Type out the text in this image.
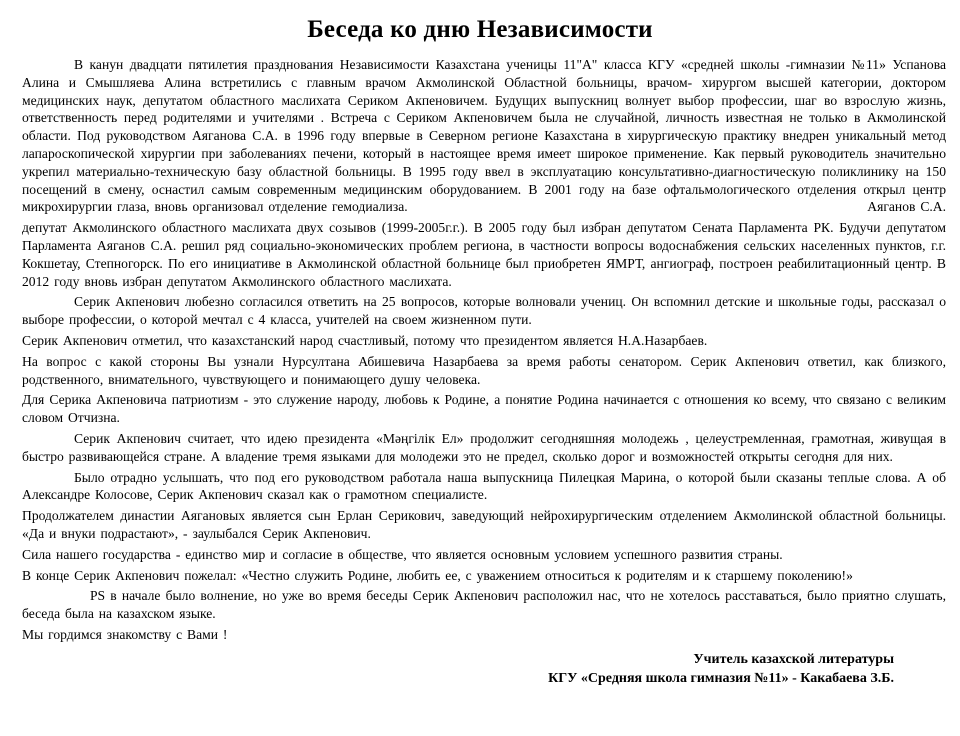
Беседа ко дню Независимости

В канун двадцати пятилетия празднования Независимости Казахстана ученицы 11"А" класса КГУ «средней школы -гимназии №11» Успанова Алина и Смышляева Алина встретились с главным врачом Акмолинской Областной больницы, врачом- хирургом высшей категории, доктором медицинских наук, депутатом областного маслихата Сериком Акпеновичем. Будущих выпускниц волнует выбор профессии, шаг во взрослую жизнь, ответственность перед родителями и учителями . Встреча с Сериком Акпеновичем была не случайной, личность известная не только в Акмолинской области. Под руководством Аяганова С.А. в 1996 году впервые в Северном регионе Казахстана в хирургическую практику внедрен уникальный метод лапароскопической хирургии при заболеваниях печени, который в настоящее время имеет широкое применение. Как первый руководитель значительно укрепил материально-техническую базу областной больницы. В 1995 году ввел в эксплуатацию консультативно-диагностическую поликлинику на 150 посещений в смену, оснастил самым современным медицинским оборудованием. В 2001 году на базе офтальмологического отделения открыл центр микрохирургии глаза, вновь организовал отделение гемодиализа.	Аяганов С.А.

депутат Акмолинского областного маслихата двух созывов (1999-2005г.г.). В 2005 году был избран депутатом Сената Парламента РК. Будучи депутатом Парламента Аяганов С.А. решил ряд социально-экономических проблем региона, в частности вопросы водоснабжения сельских населенных пунктов, г.г. Кокшетау, Степногорск. По его инициативе в Акмолинской областной больнице был приобретен ЯМРТ, ангиограф, построен реабилитационный центр. В 2012 году вновь избран депутатом Акмолинского областного маслихата.

Серик Акпенович любезно согласился ответить на 25 вопросов, которые волновали учениц. Он вспомнил детские и школьные годы, рассказал о выборе профессии, о которой мечтал с 4 класса, учителей на своем жизненном пути.

Серик Акпенович отметил, что казахстанский народ счастливый, потому что президентом является Н.А.Назарбаев.

На вопрос с какой стороны Вы узнали Нурсултана Абишевича Назарбаева за время работы сенатором. Серик Акпенович ответил, как близкого, родственного, внимательного, чувствующего и понимающего душу человека.

Для Серика Акпеновича патриотизм - это служение народу, любовь к Родине, а понятие Родина начинается с отношения ко всему, что связано с великим словом Отчизна.

Серик Акпенович считает, что идею президента «Мәңгілік Ел» продолжит сегодняшняя молодежь , целеустремленная, грамотная, живущая в быстро развивающейся стране. А владение тремя языками для молодежи это не предел, сколько дорог и возможностей открыты сегодня для них.

Было отрадно услышать, что под его руководством работала наша выпускница Пилецкая Марина, о которой были сказаны теплые слова. А об Александре Колосове, Серик Акпенович сказал как о грамотном специалисте.

Продолжателем династии Аягановых является сын Ерлан Серикович, заведующий нейрохирургическим отделением Акмолинской областной больницы. «Да и внуки подрастают», - заулыбался Серик Акпенович.

Сила нашего государства - единство мир и согласие в обществе, что является основным условием успешного развития страны.

В конце Серик Акпенович пожелал: «Честно служить Родине, любить ее, с уважением относиться к родителям и к старшему поколению!»

PS в начале было волнение, но уже во время беседы Серик Акпенович расположил нас, что не хотелось расставаться, было приятно слушать, беседа была на казахском языке.

Мы гордимся знакомству с Вами !

Учитель казахской литературы
КГУ «Средняя школа гимназия №11» - Какабаева З.Б.
